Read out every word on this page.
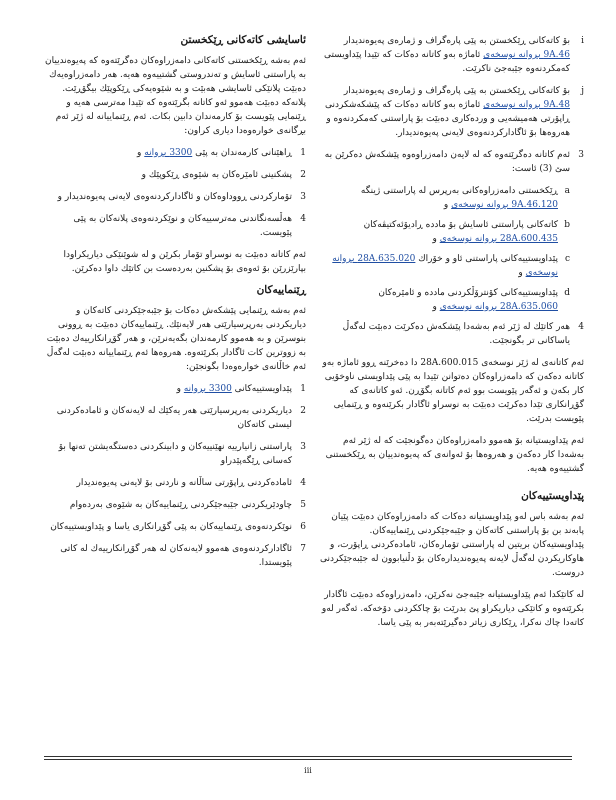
i
بۆ كاتەكانی ڕێكخستن بە پێی پارەگراف و ژمارەی پەیوەندیدار 9A.46 بڕوانە نوسخەی ئاماژە بەو كاتانە دەكات كە تێیدا پێداویستی كەمكردنەوە جێبەجێ ناكرێت.
j
بۆ كاتەكانی ڕێكخستن بە پێی پارەگراف و ژمارەی پەیوەندیدار 9A.48 بڕوانە نوسخەی ئاماژە بەو كاتانە دەكات كە پێشكەشكردنی ڕاپۆرتی هەمیشەیی و وردەكاری دەبێت بۆ پاراستنی كەمكردنەوە و هەروەها بۆ ئاگاداركردنەوەی لایەنی پەیوەندیدار.
3
ئەم كاتانە دەگرێتەوە كە لە لایەن دامەزراوەوە پێشكەش دەكرێن بە سێ (3) ئاست:
a
ڕێكخستنی دامەزراوەكانی بەرپرس لە پاراستنی ژینگە 9A.46.120 بڕوانە نوسخەی و
b
كاتەكانی پاراستنی ئاسایش بۆ ماددە ڕادیۆئەكتیڤەكان 28A.600.435 بڕوانە نوسخەی و
c
پێداویستییەكانی پاراستنی ئاو و خۆراك 28A.635.020 بڕوانە نوسخەی و
d
پێداویستییەكانی كۆنترۆڵكردنی ماددە و ئامێرەكان 28A.635.060 بڕوانە نوسخەی و
4
هەر كاتێك لە ژێر ئەم بەشەدا پێشكەش دەكرێت دەبێت لەگەڵ یاساكانی تر بگونجێت.

ئەم كاتانەی لە ژێر نوسخەی 28A.600.015 دا دەخرێنە ڕوو ئاماژە بەو كاتانە دەكەن كە دامەزراوەكان دەتوانن تێیدا بە پێی پێداویستی ناوخۆیی كار بكەن و ئەگەر پێویست بوو ئەم كاتانە بگۆڕن. ئەو كاتانەی كە گۆڕانكاری تێدا دەكرێت دەبێت بە نوسراو ئاگادار بكرێنەوە و ڕێنمایی پێویست بدرێت.

ئەم پێداویستیانە بۆ هەموو دامەزراوەكان دەگونجێت كە لە ژێر ئەم بەشەدا كار دەكەن و هەروەها بۆ ئەوانەی كە پەیوەندییان بە ڕێكخستنی گشتییەوە هەیە.

پێداویستییەكان

ئەم بەشە باس لەو پێداویستیانە دەكات كە دامەزراوەكان دەبێت پێیان پابەند بن بۆ پاراستنی كاتەكان و جێبەجێكردنی ڕێنماییەكان. پێداویستیەكان بریتین لە پاراستنی تۆمارەكان، ئامادەكردنی ڕاپۆرت، و هاوكاریكردن لەگەڵ لایەنە پەیوەندیدارەكان بۆ دڵنیابوون لە جێبەجێكردنی دروست.

لە كاتێكدا ئەم پێداویستیانە جێبەجێ نەكرێن، دامەزراوەكە دەبێت ئاگادار بكرێتەوە و كاتێكی دیاریكراو پێ بدرێت بۆ چاككردنی دۆخەكە. ئەگەر لەو كاتەدا چاك نەكرا، ڕێكاری زیاتر دەگیرێتەبەر بە پێی یاسا.

ئاسایشی كاتەكانی ڕێكخستن

ئەم بەشە ڕێكخستنی كاتەكانی دامەزراوەكان دەگرێتەوە كە پەیوەندییان بە پاراستنی ئاسایش و تەندروستی گشتییەوە هەیە. هەر دامەزراوەیەك دەبێت پلانێكی ئاسایشی هەبێت و بە شێوەیەكی ڕێكوپێك بیگۆڕێت. پلانەكە دەبێت هەموو ئەو كاتانە بگرێتەوە كە تێیدا مەترسی هەیە و ڕێنمایی پێویست بۆ كارمەندان دابین بكات. ئەم ڕێنماییانە لە ژێر ئەم بڕگانەی خوارەوەدا دیاری كراون:

1
ڕاهێنانی كارمەندان بە پێی 3300 بڕوانە و
2
پشكنینی ئامێرەكان بە شێوەی ڕێكوپێك و
3
تۆماركردنی ڕووداوەكان و ئاگاداركردنەوەی لایەنی پەیوەندیدار و
4
هەڵسەنگاندنی مەترسییەكان و نوێكردنەوەی پلانەكان بە پێی پێویست.

ئەم كاتانە دەبێت بە نوسراو تۆمار بكرێن و لە شوێنێكی دیاریكراودا بپارێزرێن بۆ ئەوەی بۆ پشكنین بەردەست بن كاتێك داوا دەكرێن.

ڕێنماییەكان

ئەم بەشە ڕێنمایی پێشكەش دەكات بۆ جێبەجێكردنی كاتەكان و دیاریكردنی بەرپرسیارێتی هەر لایەنێك. ڕێنماییەكان دەبێت بە ڕوونی بنوسرێن و بە هەموو كارمەندان بگەیەنرێن، و هەر گۆڕانكارییەك دەبێت بە زووترین كات ئاگادار بكرێتەوە. هەروەها ئەم ڕێنماییانە دەبێت لەگەڵ ئەم خاڵانەی خوارەوەدا بگونجێن:

1
پێداویستییەكانی 3300 بڕوانە و
2
دیاریكردنی بەرپرسیارێتی هەر یەكێك لە لایەنەكان و ئامادەكردنی لیستی كاتەكان
3
پاراستنی زانیارییە نهێنییەكان و دابینكردنی دەستگەیشتن تەنها بۆ كەسانی ڕێگەپێدراو
4
ئامادەكردنی ڕاپۆرتی ساڵانە و ناردنی بۆ لایەنی پەیوەندیدار
5
چاودێریكردنی جێبەجێكردنی ڕێنماییەكان بە شێوەی بەردەوام
6
نوێكردنەوەی ڕێنماییەكان بە پێی گۆڕانكاری یاسا و پێداویستییەكان
7
ئاگاداركردنەوەی هەموو لایەنەكان لە هەر گۆڕانكارییەك لە كاتی پێویستدا.
iii
